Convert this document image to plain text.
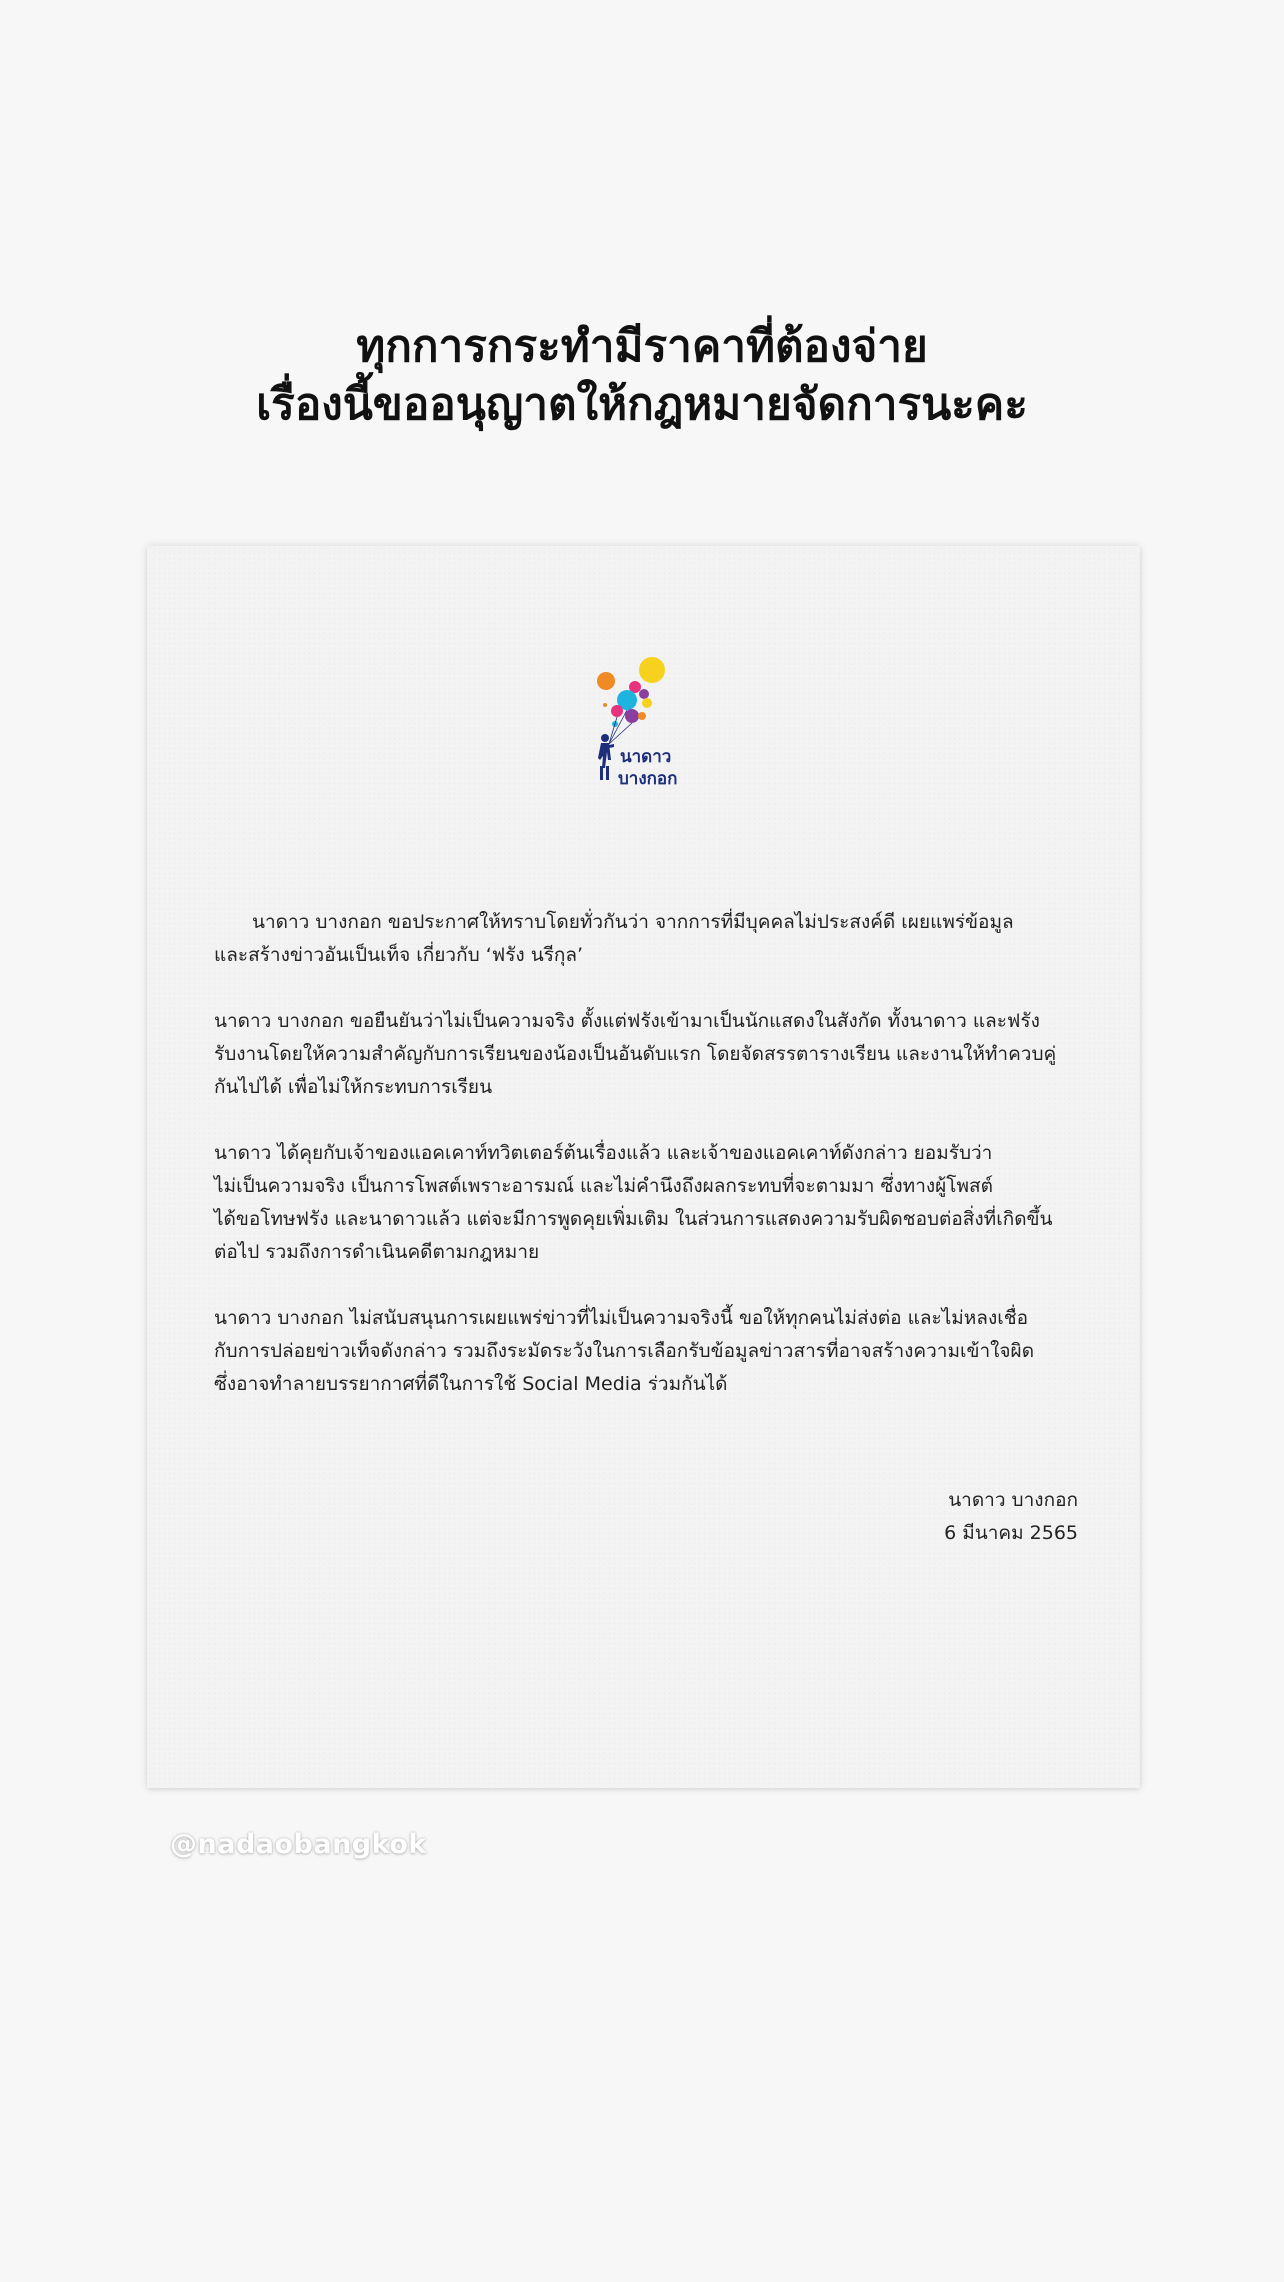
ทุกการกระทำมีราคาที่ต้องจ่าย
เรื่องนี้ขออนุญาตให้กฎหมายจัดการนะคะ
นาดาว
บางกอก

นาดาว บางกอก ขอประกาศให้ทราบโดยทั่วกันว่า จากการที่มีบุคคลไม่ประสงค์ดี เผยแพร่ข้อมูล
และสร้างข่าวอันเป็นเท็จ เกี่ยวกับ ‘ฟรัง นรีกุล’

นาดาว บางกอก ขอยืนยันว่าไม่เป็นความจริง ตั้งแต่ฟรังเข้ามาเป็นนักแสดงในสังกัด ทั้งนาดาว และฟรัง
รับงานโดยให้ความสำคัญกับการเรียนของน้องเป็นอันดับแรก โดยจัดสรรตารางเรียน และงานให้ทำควบคู่
กันไปได้ เพื่อไม่ให้กระทบการเรียน

นาดาว ได้คุยกับเจ้าของแอคเคาท์ทวิตเตอร์ต้นเรื่องแล้ว และเจ้าของแอคเคาท์ดังกล่าว ยอมรับว่า
ไม่เป็นความจริง เป็นการโพสต์เพราะอารมณ์ และไม่คำนึงถึงผลกระทบที่จะตามมา ซึ่งทางผู้โพสต์
ได้ขอโทษฟรัง และนาดาวแล้ว แต่จะมีการพูดคุยเพิ่มเติม ในส่วนการแสดงความรับผิดชอบต่อสิ่งที่เกิดขึ้น
ต่อไป รวมถึงการดำเนินคดีตามกฎหมาย

นาดาว บางกอก ไม่สนับสนุนการเผยแพร่ข่าวที่ไม่เป็นความจริงนี้ ขอให้ทุกคนไม่ส่งต่อ และไม่หลงเชื่อ
กับการปล่อยข่าวเท็จดังกล่าว รวมถึงระมัดระวังในการเลือกรับข้อมูลข่าวสารที่อาจสร้างความเข้าใจผิด
ซึ่งอาจทำลายบรรยากาศที่ดีในการใช้ Social Media ร่วมกันได้

นาดาว บางกอก
6 มีนาคม 2565
@nadaobangkok
